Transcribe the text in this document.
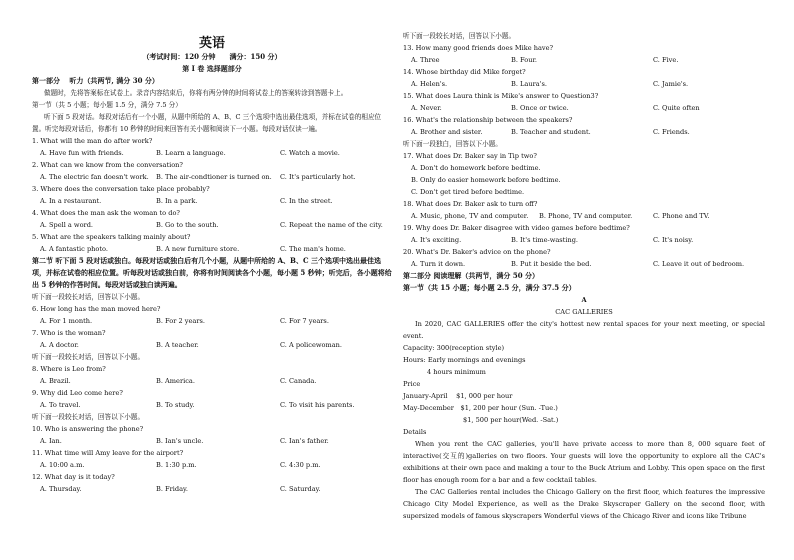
英语
（考试时间：120 分钟　　满分：150 分）
第 I 卷 选择题部分
第一部分　 听力（共两节, 满分 30 分）
做题时，先将答案标在试卷上。录音内容结束后，你将有两分钟的时间将试卷上的答案转涂到答题卡上。
第一节（共 5 小题；每小题 1.5 分，满分 7.5 分）
听下面 5 段对话。每段对话后有一个小题，从题中所给的 A、B、C 三个选项中选出最佳选项，并标在试卷的相应位置。听完每段对话后，你都有 10 秒钟的时间来回答有关小题和阅读下一小题。每段对话仅读一遍。
1. What will the man do after work?
A. Have fun with friends.	B. Learn a language.	C. Watch a movie.
2. What can we know from the conversation?
A. The electric fan doesn't work. B. The air-condtioner is turned on. C. It's particularly hot.
3. Where does the conversation take place probably?
A. In a restaurant.	B. In a park.	C. In the street.
4. What does the man ask the woman to do?
A. Spell a word.	B. Go to the south.	C. Repeat the name of the city.
5. What are the speakers talking mainly about?
A. A fantastic photo.	B. A new furniture store.	C. The man's home.
第二节 听下面 5 段对话或独白。每段对话或独白后有几个小题，从题中所给的 A、B、C 三个选项中选出最佳选项，并标在试卷的相应位置。听每段对话或独白前，你将有时间阅读各个小题，每小题 5 秒钟；听完后，各小题将给出 5 秒钟的作答时间。每段对话或独白读两遍。
听下面一段较长对话，回答以下小题。
6. How long has the man moved here?
A. For 1 month.	B. For 2 years.	C. For 7 years.
7. Who is the woman?
A. A doctor.	B. A teacher.	C. A policewoman.
听下面一段较长对话，回答以下小题。
8. Where is Leo from?
A. Brazil.	B. America.	C. Canada.
9. Why did Leo come here?
A. To travel.	B. To study.	C. To visit his parents.
听下面一段较长对话，回答以下小题。
10. Who is answering the phone?
A. Ian.	B. Ian's uncle.	C. Ian's father.
11. What time will Amy leave for the airport?
A. 10:00 a.m.	B. 1:30 p.m.	C. 4:30 p.m.
12. What day is it today?
A. Thursday.	B. Friday.	C. Saturday.
听下面一段较长对话，回答以下小题。
13. How many good friends does Mike have?
A. Three	B. Four.	C. Five.
14. Whose birthday did Mike forget?
A. Helen's.	B. Laura's.	C. Jamie's.
15. What does Laura think is Mike's answer to Question3?
A. Never.	B. Once or twice.	C. Quite often
16. What's the relationship between the speakers?
A. Brother and sister.	B. Teacher and student.	C. Friends.
听下面一段独白，回答以下小题。
17. What does Dr. Baker say in Tip two?
A. Don't do homework before bedtime.
B. Only do easier homework before bedtime.
C. Don't get tired before bedtime.
18. What does Dr. Baker ask to turn off?
A. Music, phone, TV and computer. B. Phone, TV and computer.	C. Phone and TV.
19. Why does Dr. Baker disagree with video games before bedtime?
A. It's exciting.	B. It's time-wasting.	C. It's noisy.
20. What's Dr. Baker's advice on the phone?
A. Turn it down.	B. Put it beside the bed.	C. Leave it out of bedroom.
第二部分 阅读理解（共两节，满分 50 分）
第一节（共 15 小题；每小题 2.5 分，满分 37.5 分）
A
CAC GALLERIES
In 2020, CAC GALLERIES offer the city's hottest new rental spaces for your next meeting, or special event.
Capacity: 300(reception style)
Hours: Early mornings and evenings
4 hours minimum
Price
January-April　 $1, 000 per hour
May-December　$1, 200 per hour (Sun. -Tue.)
$1, 500 per hour(Wed. -Sat.)
Details
When you rent the CAC galleries, you'll have private access to more than 8, 000 square feet of interactive(交互的)galleries on two floors. Your guests will love the opportunity to explore all the CAC's exhibitions at their own pace and making a tour to the Buck Atrium and Lobby. This open space on the first floor has enough room for a bar and a few cocktail tables.
The CAC Galleries rental includes the Chicago Gallery on the first floor, which features the impressive Chicago City Model Experience, as well as the Drake Skyscraper Gallery on the second floor, with supersized models of famous skyscrapers Wonderful views of the Chicago River and icons like Tribune
